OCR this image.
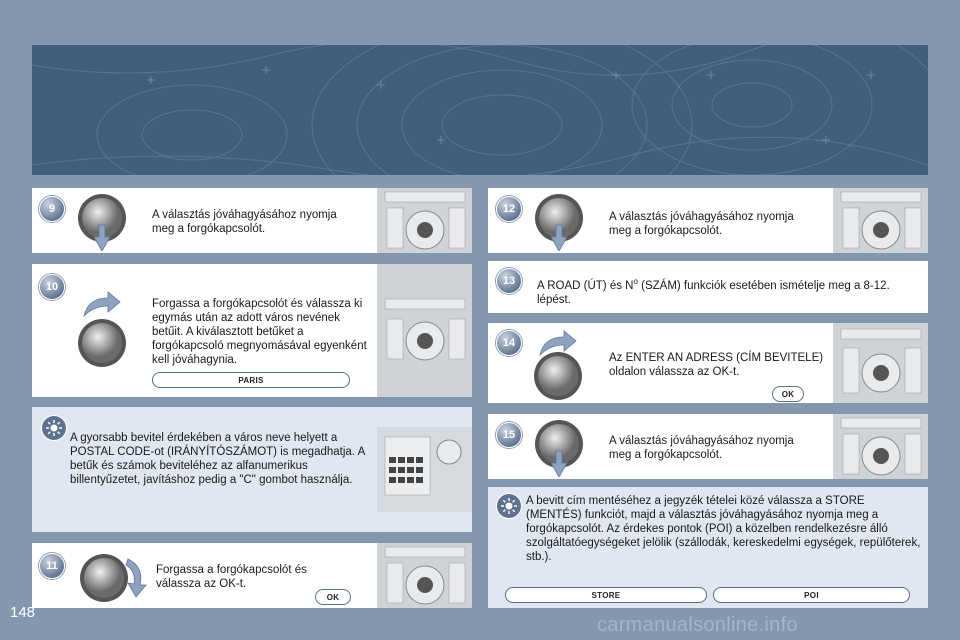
9	A választás jóváhagyásához nyomja meg a forgókapcsolót.
10
Forgassa a forgókapcsolót és válassza ki egymás után az adott város nevének betűit. A kiválasztott betűket a forgókapcsoló megnyomásával egyenként kell jóváhagynia.
PARIS
A gyorsabb bevitel érdekében a város neve helyett a POSTAL CODE-ot (IRÁNYÍTÓSZÁMOT) is megadhatja. A betűk és számok beviteléhez az alfanumerikus billentyűzetet, javításhoz pedig a "C" gombot használja.
11	Forgassa a forgókapcsolót és válassza az OK-t.
OK
12
A választás jóváhagyásához nyomja meg a forgókapcsolót.
13	A ROAD (ÚT) és $N^o$ (SZÁM) funkciók esetében ismételje meg a 8-12. lépést.
14
Az ENTER AN ADRESS (CÍM BEVITELE) oldalon válassza az OK-t.
OK
15	A választás jóváhagyásához nyomja meg a forgókapcsolót.
A bevitt cím mentéséhez a jegyzék tételei közé válassza a STORE (MENTÉS) funkciót, majd a választás jóváhagyásához nyomja meg a forgókapcsolót. Az érdekes pontok (POI) a közelben rendelkezésre álló szolgáltatóegységeket jelölik (szállodák, kereskedelmi egységek, repülőterek, stb.).
STORE	POI
148
carmanualsonline.info
